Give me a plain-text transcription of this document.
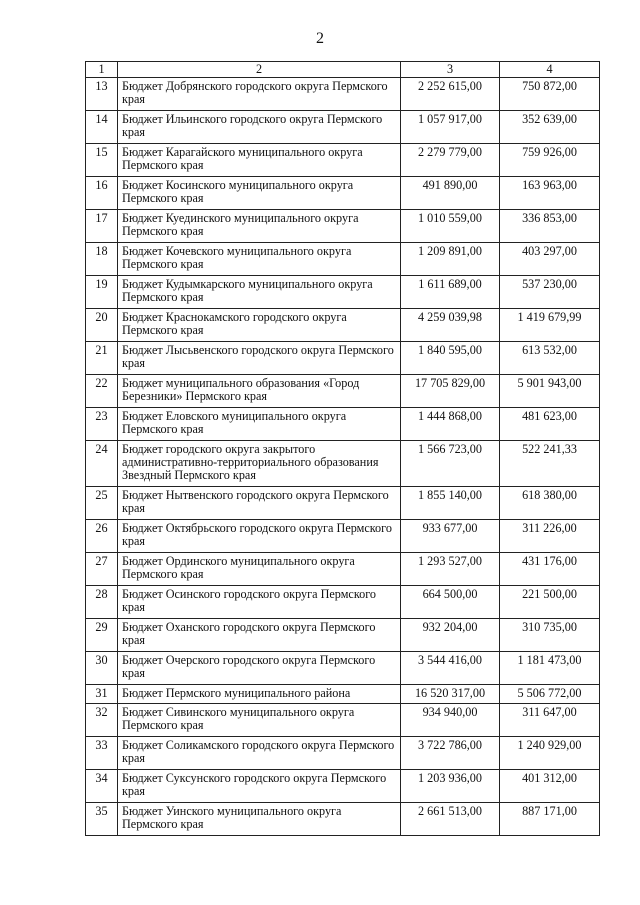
2
1	2	3	4
13	Бюджет Добрянского городского округа Пермского края	2 252 615,00	750 872,00
14	Бюджет Ильинского городского округа Пермского края	1 057 917,00	352 639,00
15	Бюджет Карагайского муниципального округа Пермского края	2 279 779,00	759 926,00
16	Бюджет Косинского муниципального округа Пермского края	491 890,00	163 963,00
17	Бюджет Куединского муниципального округа Пермского края	1 010 559,00	336 853,00
18	Бюджет Кочевского муниципального округа Пермского края	1 209 891,00	403 297,00
19	Бюджет Кудымкарского муниципального округа Пермского края	1 611 689,00	537 230,00
20	Бюджет Краснокамского городского округа Пермского края	4 259 039,98	1 419 679,99
21	Бюджет Лысьвенского городского округа Пермского края	1 840 595,00	613 532,00
22	Бюджет муниципального образования «Город Березники» Пермского края	17 705 829,00	5 901 943,00
23	Бюджет Еловского муниципального округа Пермского края	1 444 868,00	481 623,00
24	Бюджет городского округа закрытого административно-территориального образования Звездный Пермского края	1 566 723,00	522 241,33
25	Бюджет Нытвенского городского округа Пермского края	1 855 140,00	618 380,00
26	Бюджет Октябрьского городского округа Пермского края	933 677,00	311 226,00
27	Бюджет Ординского муниципального округа Пермского края	1 293 527,00	431 176,00
28	Бюджет Осинского городского округа Пермского края	664 500,00	221 500,00
29	Бюджет Оханского городского округа Пермского края	932 204,00	310 735,00
30	Бюджет Очерского городского округа Пермского края	3 544 416,00	1 181 473,00
31	Бюджет Пермского муниципального района	16 520 317,00	5 506 772,00
32	Бюджет Сивинского муниципального округа Пермского края	934 940,00	311 647,00
33	Бюджет Соликамского городского округа Пермского края	3 722 786,00	1 240 929,00
34	Бюджет Суксунского городского округа Пермского края	1 203 936,00	401 312,00
35	Бюджет Уинского муниципального округа Пермского края	2 661 513,00	887 171,00
